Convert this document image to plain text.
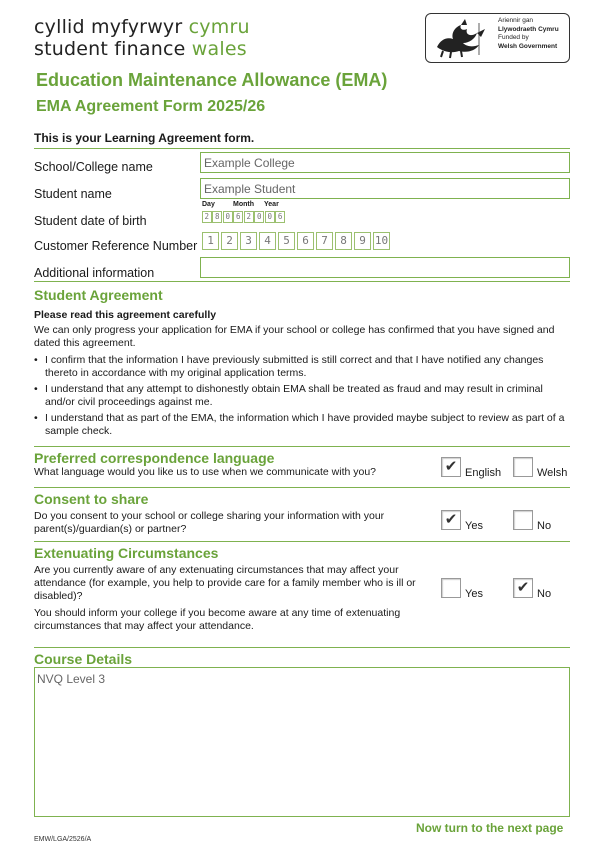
cyllid myfyrwyr cymru
student finance wales
Ariennir gan
Llywodraeth Cymru
Funded by
Welsh Government
Education Maintenance Allowance (EMA)
EMA Agreement Form 2025/26
This is your Learning Agreement form.
School/College name	Example College
Student name	Example Student
Student date of birth
Day	Month Year
2 8 0 6 2 0 0 6
Customer Reference Number 1	2	3	4	5	6	7	8	9 10
Additional information
Student Agreement
Please read this agreement carefully
We can only progress your application for EMA if your school or college has confirmed that you have signed and dated this agreement.
• I confirm that the information I have previously submitted is still correct and that I have notified any changes thereto in accordance with my original application terms.
• I understand that any attempt to dishonestly obtain EMA shall be treated as fraud and may result in criminal and/or civil proceedings against me.
• I understand that as part of the EMA, the information which I have provided maybe subject to review as part of a sample check.
Preferred correspondence language
What language would you like us to use when we communicate with you?	✔ English	Welsh
Consent to share
Do you consent to your school or college sharing your information with your parent(s)/guardian(s) or partner?
✔ Yes	No
Extenuating Circumstances
Are you currently aware of any extenuating circumstances that may affect your attendance (for example, you help to provide care for a family member who is ill or disabled)?
You should inform your college if you become aware at any time of extenuating circumstances that may affect your attendance.
Yes ✔ No
Course Details
NVQ Level 3
Now turn to the next page
EMW/LGA/2526/A
